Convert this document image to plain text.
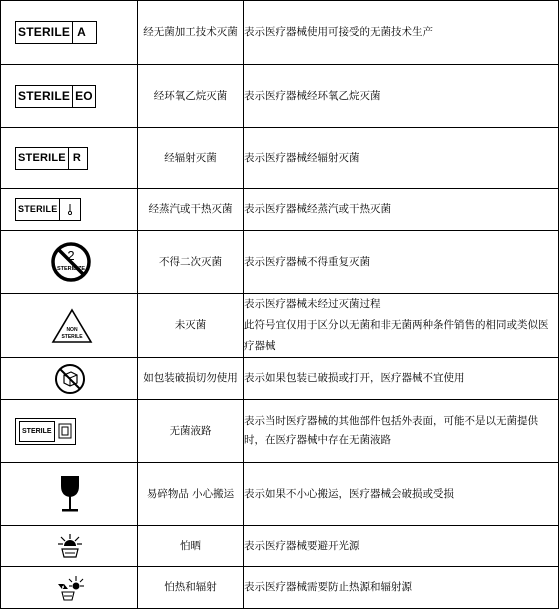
STERILE A	经无菌加工技术灭菌	表示医疗器械使用可接受的无菌技术生产

STERILE EO	经环氧乙烷灭菌	表示医疗器械经环氧乙烷灭菌

STERILE R	经辐射灭菌	表示医疗器械经辐射灭菌

STERILE	经蒸汽或干热灭菌	表示医疗器械经蒸汽或干热灭菌

2
STERILIZE	不得二次灭菌	表示医疗器械不得重复灭菌

NON
STERILE	未灭菌	表示医疗器械未经过灭菌过程
此符号宜仅用于区分以无菌和非无菌两种条件销售的相同或类似医疗器械

	如包装破损切勿使用	表示如果包装已破损或打开，医疗器械不宜使用

STERILE	无菌液路	表示当时医疗器械的其他部件包括外表面，可能不是以无菌提供时，在医疗器械中存在无菌液路

	易碎物品 小心搬运	表示如果不小心搬运，医疗器械会破损或受损

	怕晒	表示医疗器械要避开光源

	怕热和辐射	表示医疗器械需要防止热源和辐射源
